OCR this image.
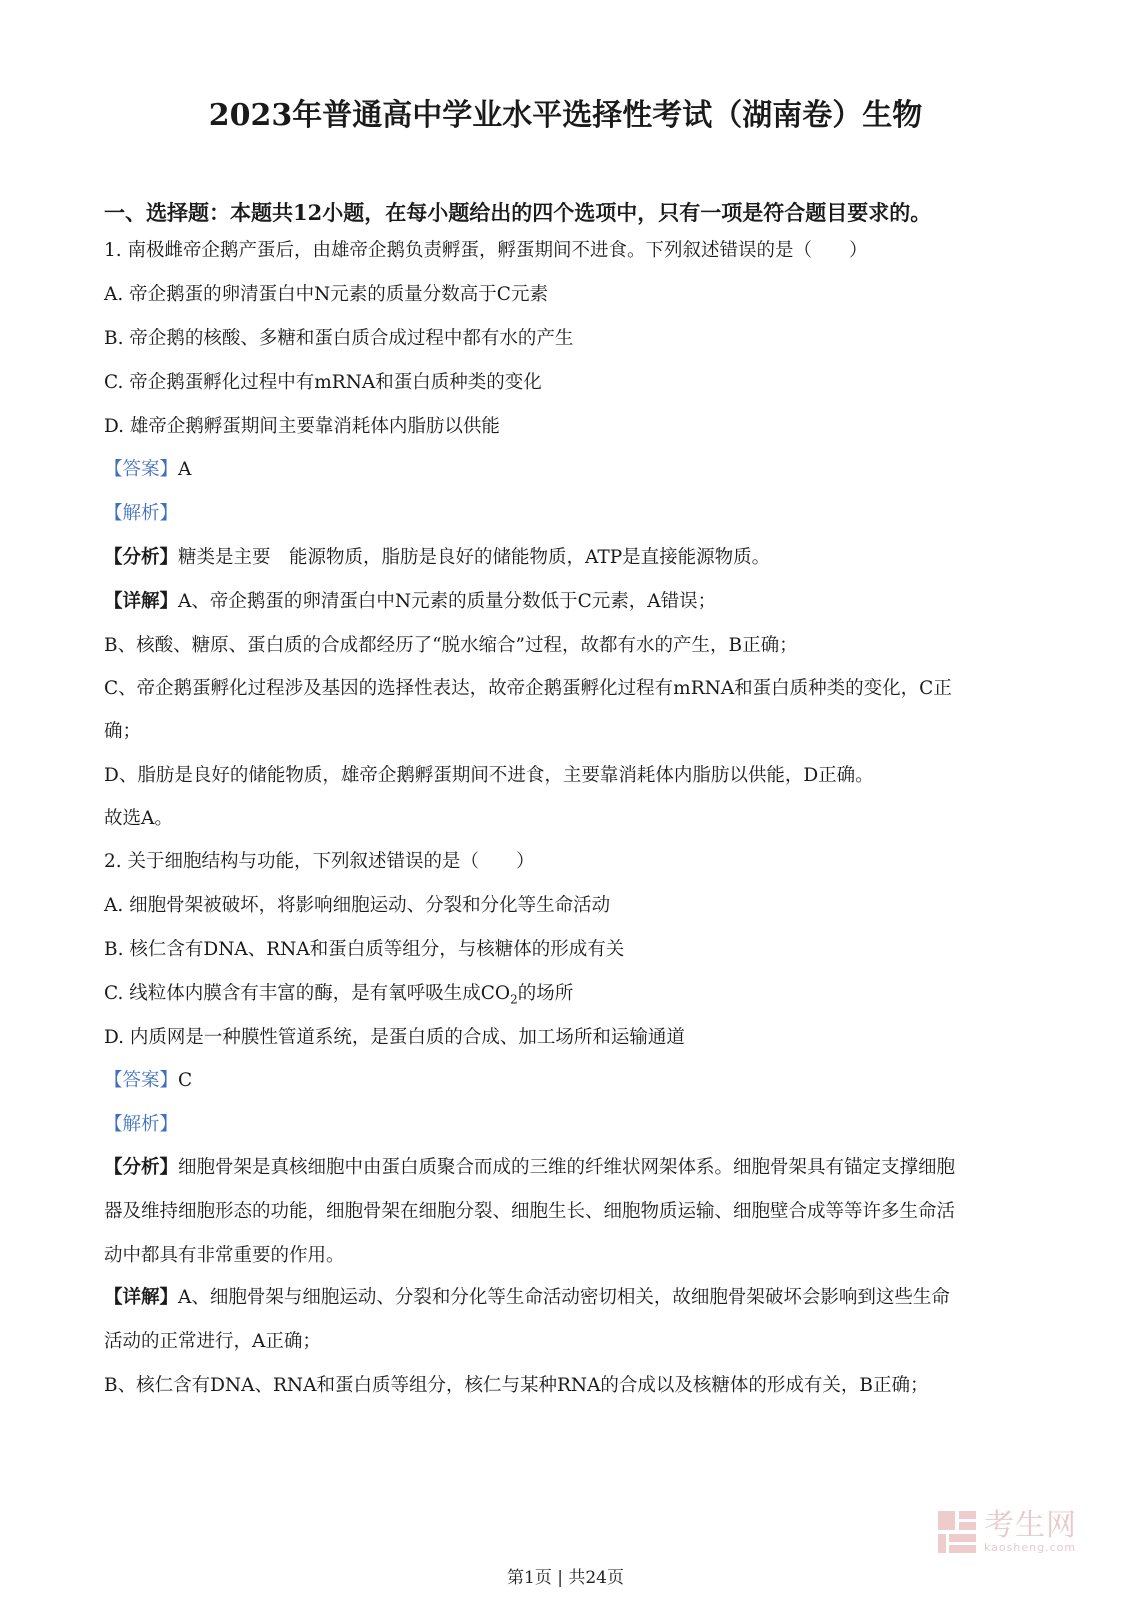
2023年普通高中学业水平选择性考试（湖南卷）生物
一、选择题：本题共12小题，在每小题给出的四个选项中，只有一项是符合题目要求的。
1. 南极雌帝企鹅产蛋后，由雄帝企鹅负责孵蛋，孵蛋期间不进食。下列叙述错误的是（　　）
A. 帝企鹅蛋的卵清蛋白中N元素的质量分数高于C元素
B. 帝企鹅的核酸、多糖和蛋白质合成过程中都有水的产生
C. 帝企鹅蛋孵化过程中有mRNA和蛋白质种类的变化
D. 雄帝企鹅孵蛋期间主要靠消耗体内脂肪以供能
【答案】A
【解析】
【分析】糖类是主要　能源物质，脂肪是良好的储能物质，ATP是直接能源物质。
【详解】A、帝企鹅蛋的卵清蛋白中N元素的质量分数低于C元素，A错误；
B、核酸、糖原、蛋白质的合成都经历了“脱水缩合”过程，故都有水的产生，B正确；
C、帝企鹅蛋孵化过程涉及基因的选择性表达，故帝企鹅蛋孵化过程有mRNA和蛋白质种类的变化，C正
确；
D、脂肪是良好的储能物质，雄帝企鹅孵蛋期间不进食，主要靠消耗体内脂肪以供能，D正确。
故选A。
2. 关于细胞结构与功能，下列叙述错误的是（　　）
A. 细胞骨架被破坏，将影响细胞运动、分裂和分化等生命活动
B. 核仁含有DNA、RNA和蛋白质等组分，与核糖体的形成有关
C. 线粒体内膜含有丰富的酶，是有氧呼吸生成$CO_2$的场所
D. 内质网是一种膜性管道系统，是蛋白质的合成、加工场所和运输通道
【答案】C
【解析】
【分析】细胞骨架是真核细胞中由蛋白质聚合而成的三维的纤维状网架体系。细胞骨架具有锚定支撑细胞
器及维持细胞形态的功能，细胞骨架在细胞分裂、细胞生长、细胞物质运输、细胞壁合成等等许多生命活
动中都具有非常重要的作用。
【详解】A、细胞骨架与细胞运动、分裂和分化等生命活动密切相关，故细胞骨架破坏会影响到这些生命
活动的正常进行，A正确；
B、核仁含有DNA、RNA和蛋白质等组分，核仁与某种RNA的合成以及核糖体的形成有关，B正确；
考生网
kaosheng.com
第1页 | 共24页
